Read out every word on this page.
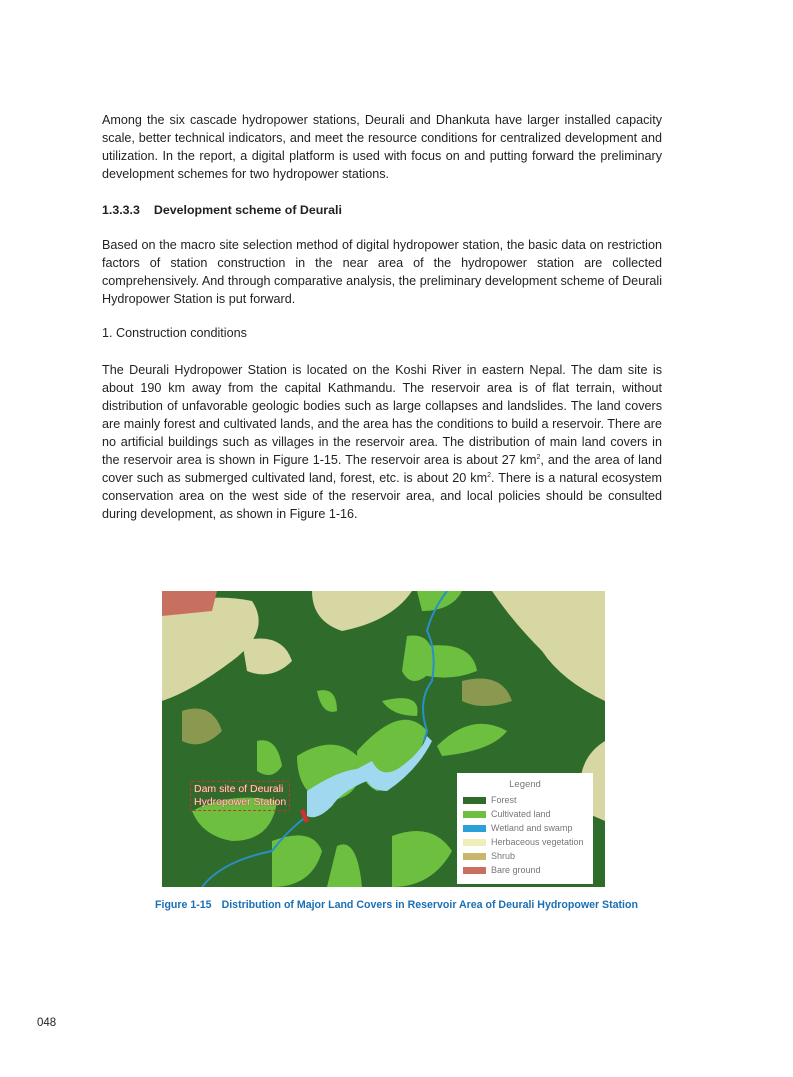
Among the six cascade hydropower stations, Deurali and Dhankuta have larger installed capacity scale, better technical indicators, and meet the resource conditions for centralized development and utilization. In the report, a digital platform is used with focus on and putting forward the preliminary development schemes for two hydropower stations.
1.3.3.3 Development scheme of Deurali
Based on the macro site selection method of digital hydropower station, the basic data on restriction factors of station construction in the near area of the hydropower station are collected comprehensively. And through comparative analysis, the preliminary development scheme of Deurali Hydropower Station is put forward.
1. Construction conditions
The Deurali Hydropower Station is located on the Koshi River in eastern Nepal. The dam site is about 190 km away from the capital Kathmandu. The reservoir area is of flat terrain, without distribution of unfavorable geologic bodies such as large collapses and landslides. The land covers are mainly forest and cultivated lands, and the area has the conditions to build a reservoir. There are no artificial buildings such as villages in the reservoir area. The distribution of main land covers in the reservoir area is shown in Figure 1-15. The reservoir area is about 27 $km^2$, and the area of land cover such as submerged cultivated land, forest, etc. is about 20 $km^2$. There is a natural ecosystem conservation area on the west side of the reservoir area, and local policies should be consulted during development, as shown in Figure 1-16.
Dam site of Deurali
Hydropower Station
Legend
Forest
Cultivated land
Wetland and swamp
Herbaceous vegetation
Shrub
Bare ground
Figure 1-15 Distribution of Major Land Covers in Reservoir Area of Deurali Hydropower Station
048
